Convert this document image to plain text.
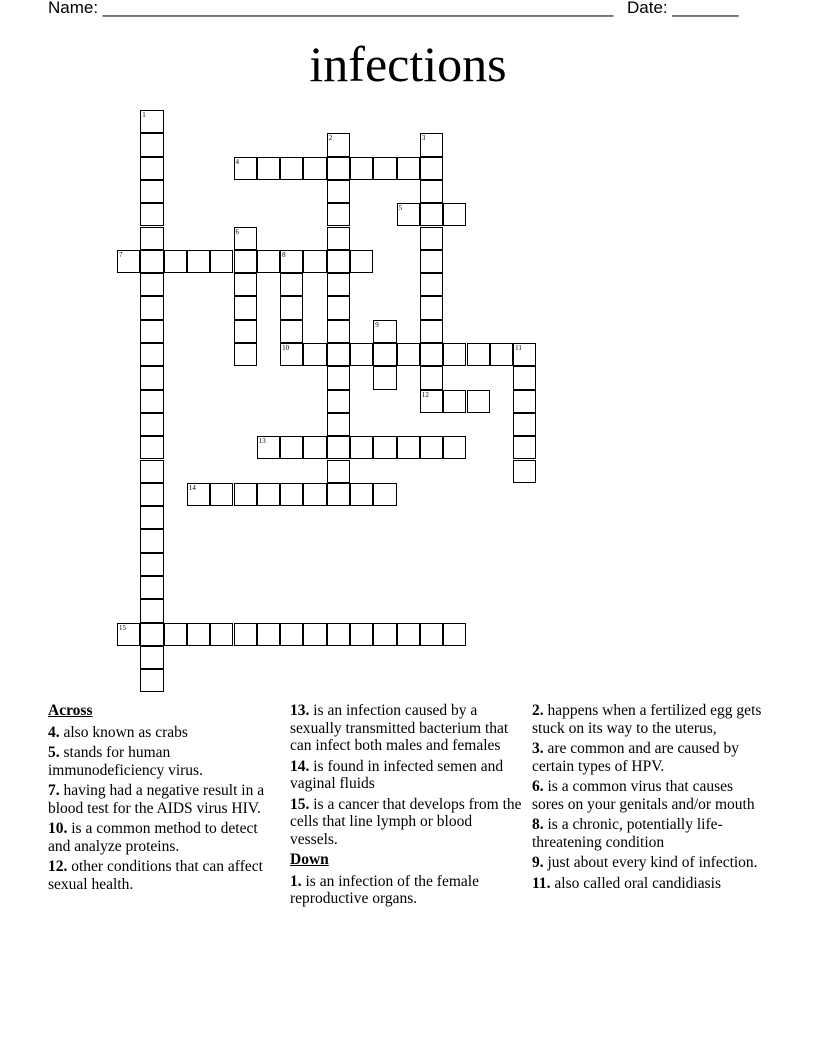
Name: ______________________________________________________

Date: _______

infections
1
2	3
4
5
6
7	8
9
10	11
12
13
14
15
Across
4. also known as crabs
5. stands for human immunodeficiency virus.
7. having had a negative result in a blood test for the AIDS virus HIV.
10. is a common method to detect and analyze proteins.
12. other conditions that can affect sexual health.
13. is an infection caused by a sexually transmitted bacterium that can infect both males and females
14. is found in infected semen and vaginal fluids
15. is a cancer that develops from the cells that line lymph or blood vessels.
Down
1. is an infection of the female reproductive organs.
2. happens when a fertilized egg gets stuck on its way to the uterus,
3. are common and are caused by certain types of HPV.
6. is a common virus that causes sores on your genitals and/or mouth
8. is a chronic, potentially life-threatening condition
9. just about every kind of infection.
11. also called oral candidiasis
